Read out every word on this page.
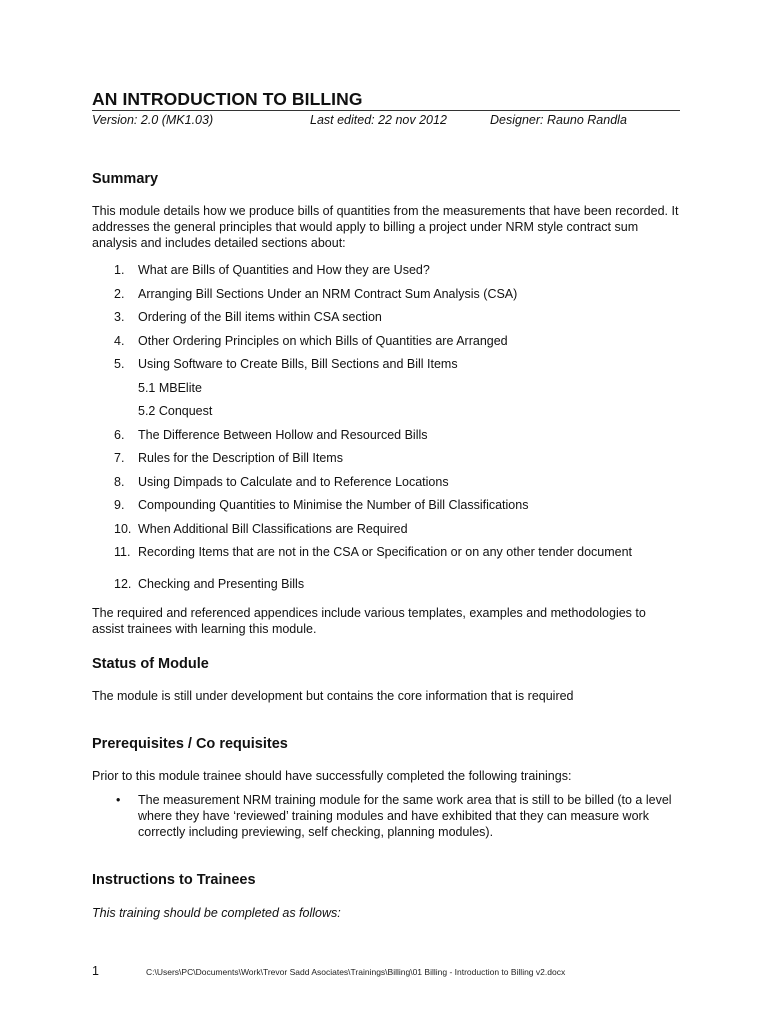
AN INTRODUCTION TO BILLING
Version: 2.0 (MK1.03)	Last edited: 22 nov 2012	Designer: Rauno Randla
Summary

This module details how we produce bills of quantities from the measurements that have been recorded. It addresses the general principles that would apply to billing a project under NRM style contract sum analysis and includes detailed sections about:

1. What are Bills of Quantities and How they are Used?
2. Arranging Bill Sections Under an NRM Contract Sum Analysis (CSA)
3. Ordering of the Bill items within CSA section
4. Other Ordering Principles on which Bills of Quantities are Arranged
5. Using Software to Create Bills, Bill Sections and Bill Items
5.1 MBElite
5.2 Conquest
6. The Difference Between Hollow and Resourced Bills
7. Rules for the Description of Bill Items
8. Using Dimpads to Calculate and to Reference Locations
9. Compounding Quantities to Minimise the Number of Bill Classifications
10. When Additional Bill Classifications are Required
11. Recording Items that are not in the CSA or Specification or on any other tender document
12. Checking and Presenting Bills

The required and referenced appendices include various templates, examples and methodologies to assist trainees with learning this module.

Status of Module

The module is still under development but contains the core information that is required

Prerequisites / Co requisites

Prior to this module trainee should have successfully completed the following trainings:

• The measurement NRM training module for the same work area that is still to be billed (to a level where they have ‘reviewed’ training modules and have exhibited that they can measure work correctly including previewing, self checking, planning modules).
Instructions to Trainees

This training should be completed as follows:

1	C:\Users\PC\Documents\Work\Trevor Sadd Asociates\Trainings\Billing\01 Billing - Introduction to Billing v2.docx
